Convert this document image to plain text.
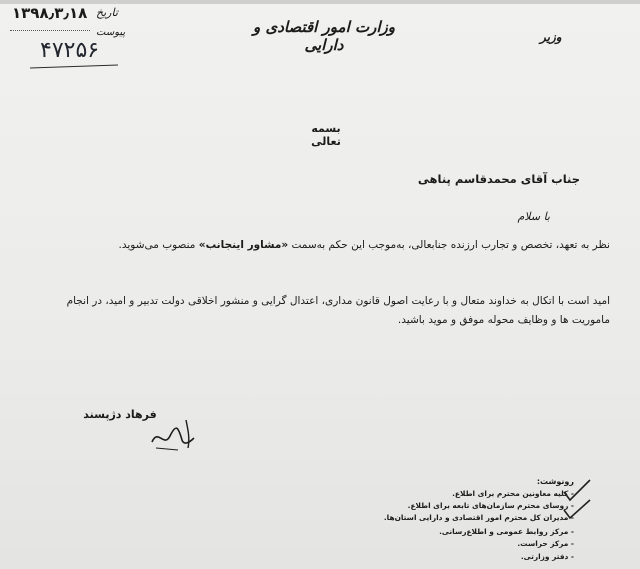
تاریخ
۱۳۹۸٫۳٫۱۸
پیوست
۴۷۲۵۶
وزارت امور اقتصادی و دارایی	وزیر
بسمه تعالی
جناب آقای محمدقاسم پناهی
با سلام
نظر به تعهد، تخصص و تجارب ارزنده جنابعالی، به‌موجب این حکم به‌سمت «مشاور اینجانب» منصوب می‌شوید.
امید است با اتکال به خداوند متعال و با رعایت اصول قانون مداری، اعتدال گرایی و منشور اخلاقی دولت تدبیر و امید، در انجام ماموریت ها و وظایف محوله موفق و موید باشید.
فرهاد دژپسند
رونوشت:
- کلیه معاونین محترم برای اطلاع.
- روسای محترم سازمان‌های تابعه برای اطلاع.
- مدیران کل محترم امور اقتصادی و دارایی استان‌ها.
- مرکز روابط عمومی و اطلاع‌رسانی.
- مرکز حراست.
- دفتر وزارتی.
